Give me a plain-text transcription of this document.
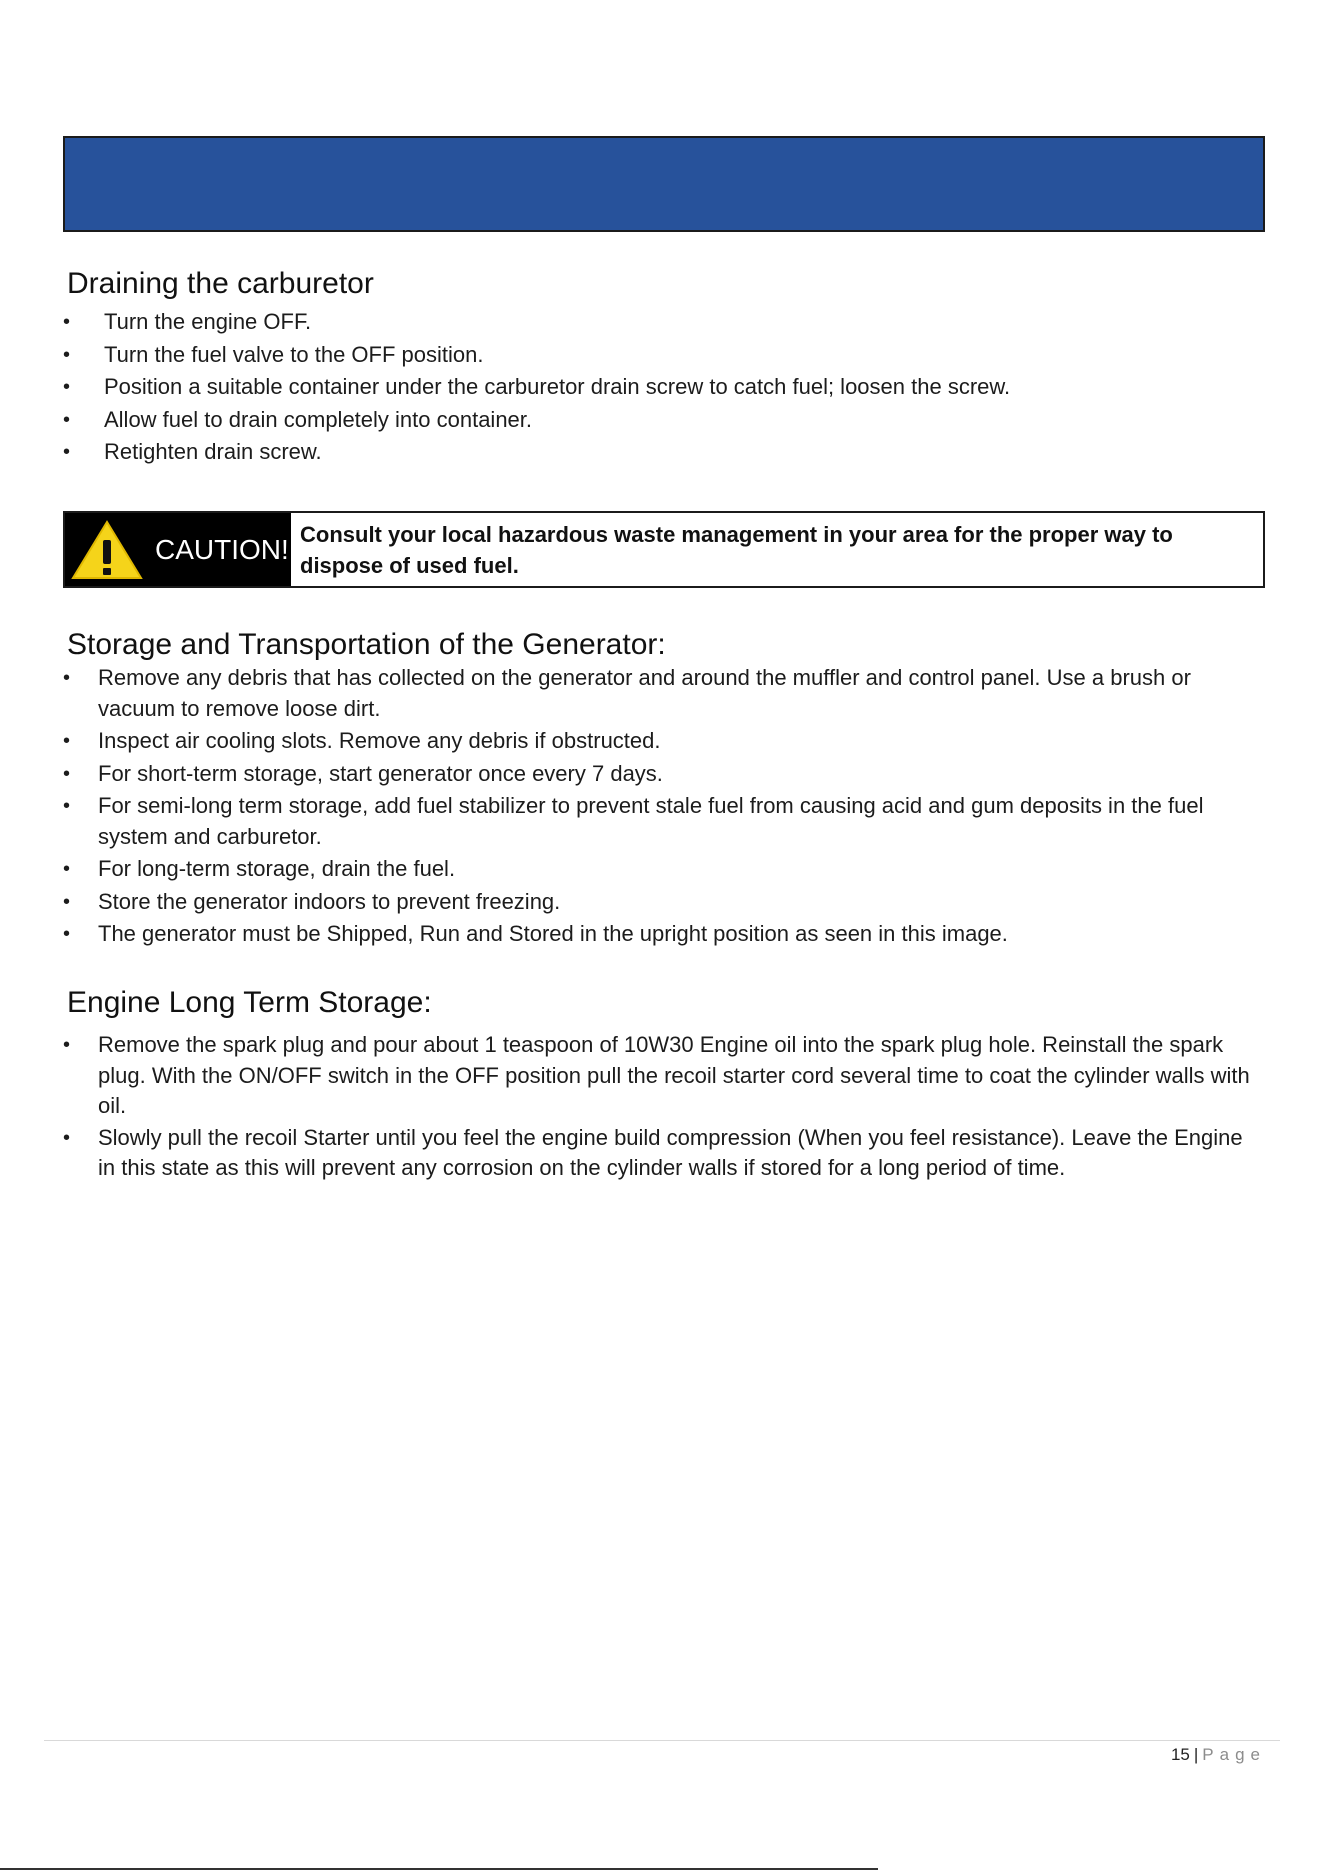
Draining the carburetor
• Turn the engine OFF.
• Turn the fuel valve to the OFF position.
• Position a suitable container under the carburetor drain screw to catch fuel; loosen the screw.
• Allow fuel to drain completely into container.
• Retighten drain screw.
CAUTION! Consult your local hazardous waste management in your area for the proper way to dispose of used fuel.
Storage and Transportation of the Generator:
• Remove any debris that has collected on the generator and around the muffler and control panel. Use a brush or vacuum to remove loose dirt.
• Inspect air cooling slots. Remove any debris if obstructed.
• For short-term storage, start generator once every 7 days.
• For semi-long term storage, add fuel stabilizer to prevent stale fuel from causing acid and gum deposits in the fuel system and carburetor.
• For long-term storage, drain the fuel.
• Store the generator indoors to prevent freezing.
• The generator must be Shipped, Run and Stored in the upright position as seen in this image.
Engine Long Term Storage:
• Remove the spark plug and pour about 1 teaspoon of 10W30 Engine oil into the spark plug hole. Reinstall the spark plug. With the ON/OFF switch in the OFF position pull the recoil starter cord several time to coat the cylinder walls with oil.
• Slowly pull the recoil Starter until you feel the engine build compression (When you feel resistance). Leave the Engine in this state as this will prevent any corrosion on the cylinder walls if stored for a long period of time.
15 | Page
